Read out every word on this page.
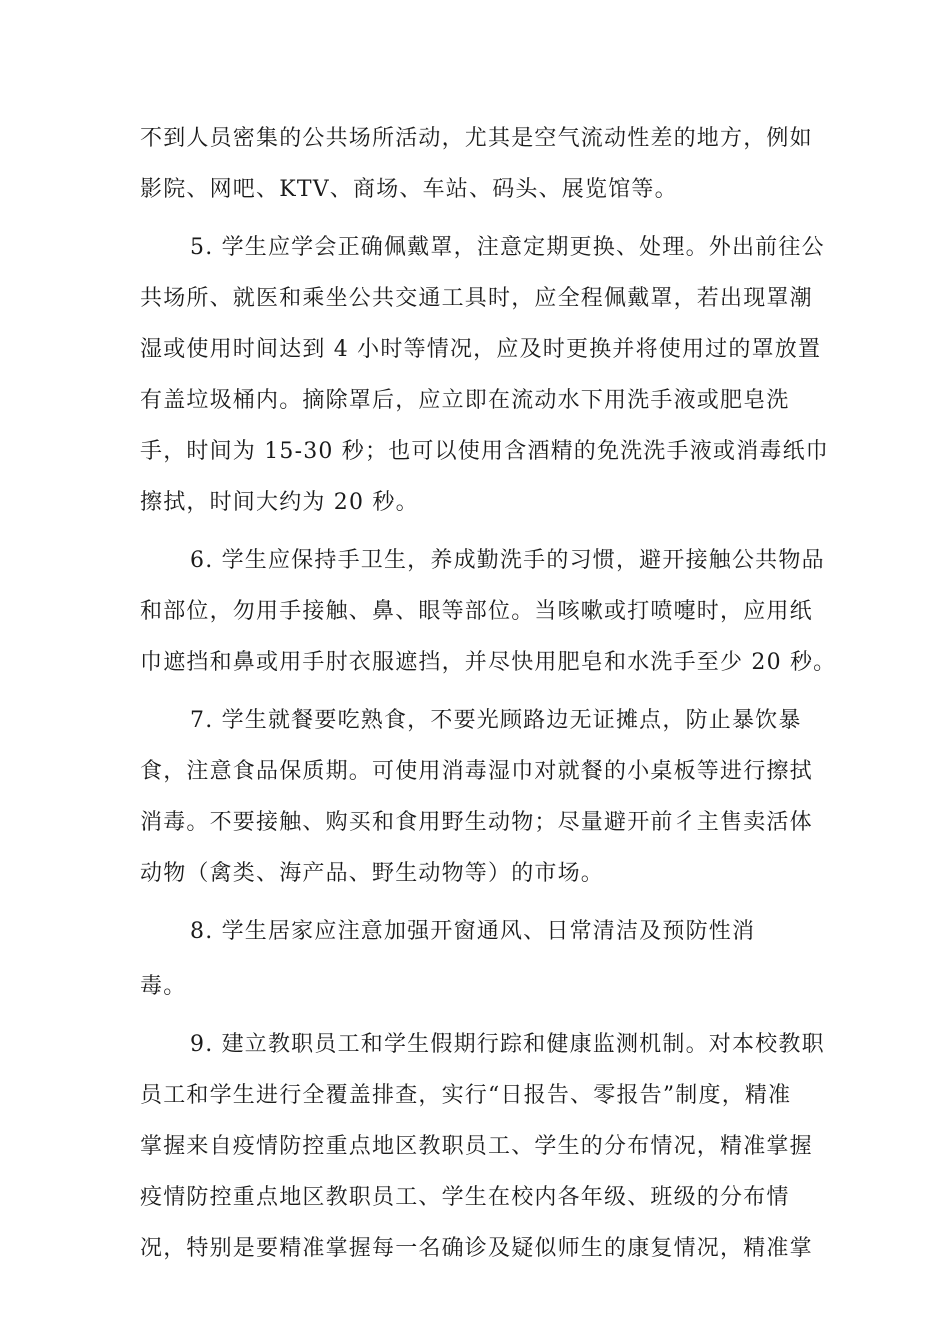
不到人员密集的公共场所活动，尤其是空气流动性差的地方，例如

影院、网吧、KTV、商场、车站、码头、展览馆等。

5. 学生应学会正确佩戴罩，注意定期更换、处理。外出前往公

共场所、就医和乘坐公共交通工具时，应全程佩戴罩，若出现罩潮

湿或使用时间达到 4 小时等情况，应及时更换并将使用过的罩放置

有盖垃圾桶内。摘除罩后，应立即在流动水下用洗手液或肥皂洗

手，时间为 15-30 秒；也可以使用含酒精的免洗洗手液或消毒纸巾

擦拭，时间大约为 20 秒。

6. 学生应保持手卫生，养成勤洗手的习惯，避开接触公共物品

和部位，勿用手接触、鼻、眼等部位。当咳嗽或打喷嚏时，应用纸

巾遮挡和鼻或用手肘衣服遮挡，并尽快用肥皂和水洗手至少 20 秒。

7. 学生就餐要吃熟食，不要光顾路边无证摊点，防止暴饮暴

食，注意食品保质期。可使用消毒湿巾对就餐的小桌板等进行擦拭

消毒。不要接触、购买和食用野生动物；尽量避开前彳主售卖活体

动物（禽类、海产品、野生动物等）的市场。

8. 学生居家应注意加强开窗通风、日常清洁及预防性消

毒。

9. 建立教职员工和学生假期行踪和健康监测机制。对本校教职

员工和学生进行全覆盖排查，实行“日报告、零报告”制度，精准

掌握来自疫情防控重点地区教职员工、学生的分布情况，精准掌握

疫情防控重点地区教职员工、学生在校内各年级、班级的分布情

况，特别是要精准掌握每一名确诊及疑似师生的康复情况，精准掌
